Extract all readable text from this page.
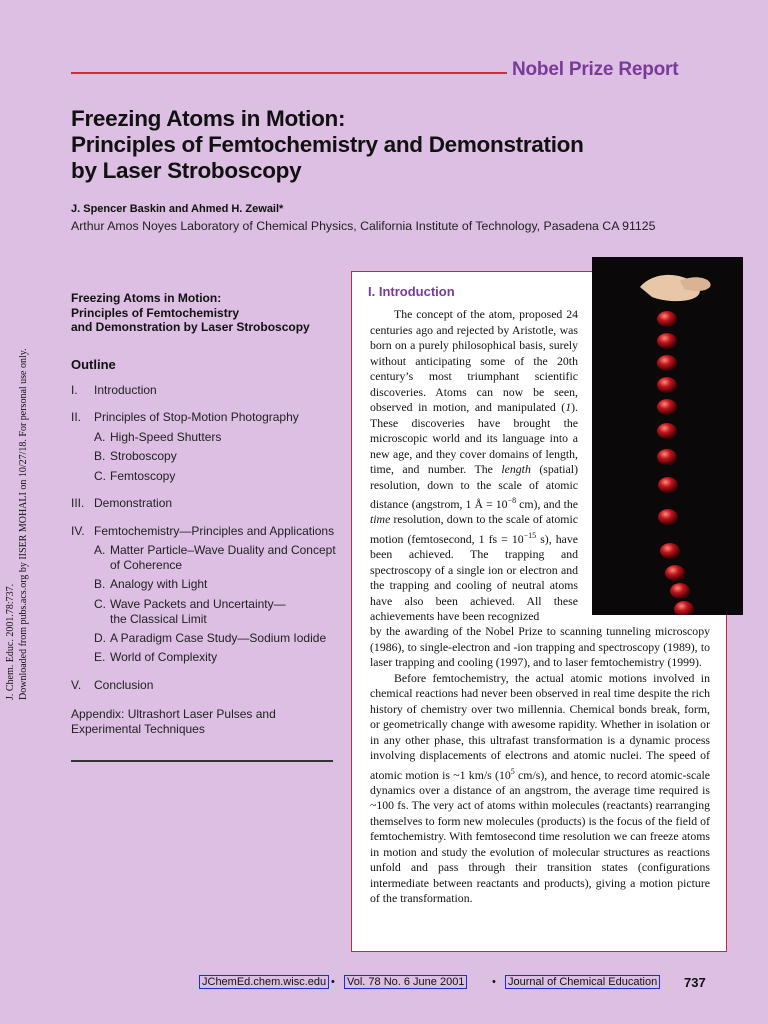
Nobel Prize Report
Freezing Atoms in Motion:
Principles of Femtochemistry and Demonstration
by Laser Stroboscopy
J. Spencer Baskin and Ahmed H. Zewail*
Arthur Amos Noyes Laboratory of Chemical Physics, California Institute of Technology, Pasadena CA 91125
J. Chem. Educ. 2001.78:737. Downloaded from pubs.acs.org by IISER MOHALI on 10/27/18. For personal use only.
Freezing Atoms in Motion:
Principles of Femtochemistry
and Demonstration by Laser Stroboscopy
Outline
I. Introduction
II. Principles of Stop-Motion Photography
A. High-Speed Shutters
B. Stroboscopy
C. Femtoscopy
III. Demonstration
IV. Femtochemistry—Principles and Applications
A. Matter Particle–Wave Duality and Concept
of Coherence
B. Analogy with Light
C. Wave Packets and Uncertainty—
the Classical Limit
D. A Paradigm Case Study—Sodium Iodide
E. World of Complexity
V. Conclusion
Appendix: Ultrashort Laser Pulses and Experimental Techniques
I. Introduction
The concept of the atom, proposed 24 centuries ago and rejected by Aristotle, was born on a purely philosophical basis, surely without anticipating some of the 20th century’s most triumphant scientific discoveries. Atoms can now be seen, observed in motion, and manipulated (1). These discoveries have brought the microscopic world and its language into a new age, and they cover domains of length, time, and number. The length (spatial) resolution, down to the scale of atomic distance (angstrom, 1 Å = $10^{-8}$ cm), and the time resolution, down to the scale of atomic motion (femtosecond, 1 fs = $10^{-15}$ s), have been achieved. The trapping and spectroscopy of a single ion or electron and the trapping and cooling of neutral atoms have also been achieved. All these achievements have been recognized
by the awarding of the Nobel Prize to scanning tunneling microscopy (1986), to single-electron and -ion trapping and spectroscopy (1989), to laser trapping and cooling (1997), and to laser femtochemistry (1999).
Before femtochemistry, the actual atomic motions involved in chemical reactions had never been observed in real time despite the rich history of chemistry over two millennia. Chemical bonds break, form, or geometrically change with awesome rapidity. Whether in isolation or in any other phase, this ultrafast transformation is a dynamic process involving displacements of electrons and atomic nuclei. The speed of atomic motion is ~1 km/s ($10^5$ cm/s), and hence, to record atomic-scale dynamics over a distance of an angstrom, the average time required is ~100 fs. The very act of atoms within molecules (reactants) rearranging themselves to form new molecules (products) is the focus of the field of femtochemistry. With femtosecond time resolution we can freeze atoms in motion and study the evolution of molecular structures as reactions unfold and pass through their transition states (configurations intermediate between reactants and products), giving a motion picture of the transformation.
JChemEd.chem.wisc.edu • Vol. 78 No. 6 June 2001	• Journal of Chemical Education 737
